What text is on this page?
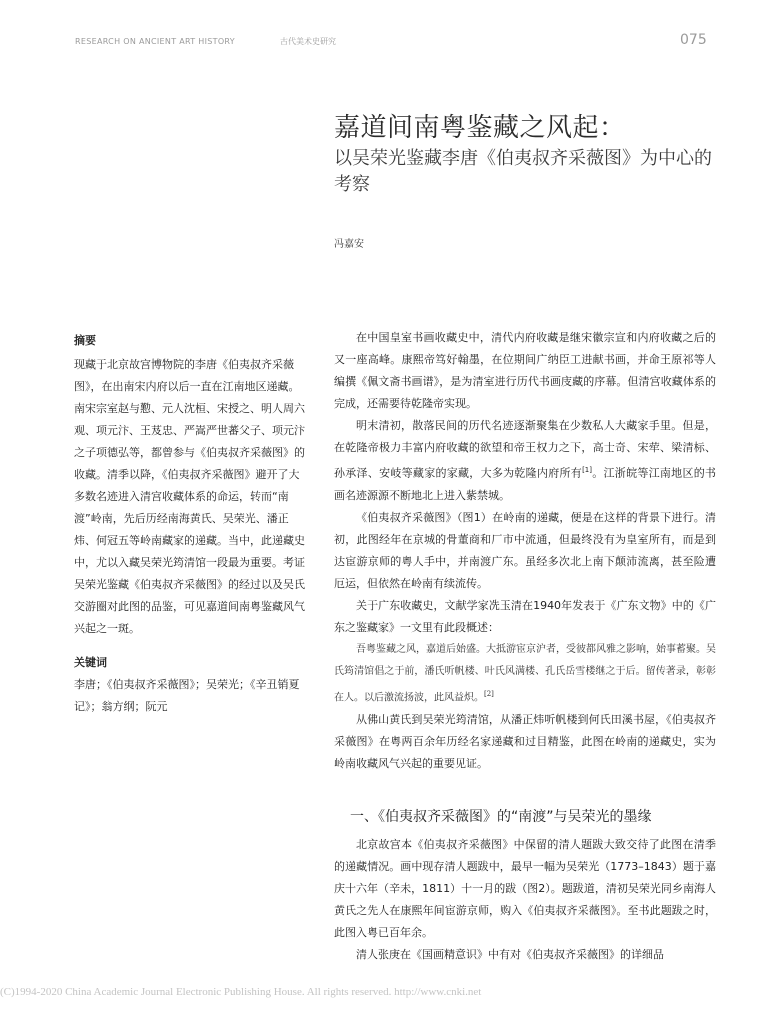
RESEARCH ON ANCIENT ART HISTORY	古代美术史研究	075
嘉道间南粤鉴藏之风起：
以吴荣光鉴藏李唐《伯夷叔齐采薇图》为中心的考察
冯嘉安
摘要
现藏于北京故宫博物院的李唐《伯夷叔齐采薇图》，在出南宋内府以后一直在江南地区递藏。南宋宗室赵与懃、元人沈桓、宋授之、明人周六观、项元汴、王芨忠、严嵩严世蕃父子、项元汴之子项德弘等，都曾参与《伯夷叔齐采薇图》的收藏。清季以降，《伯夷叔齐采薇图》避开了大多数名迹进入清宫收藏体系的命运，转而“南渡”岭南，先后历经南海黄氏、吴荣光、潘正炜、何冠五等岭南藏家的递藏。当中，此递藏史中，尤以入藏吴荣光筠清馆一段最为重要。考证吴荣光鉴藏《伯夷叔齐采薇图》的经过以及吴氏交游圈对此图的品鉴，可见嘉道间南粤鉴藏风气兴起之一斑。
关键词
李唐；《伯夷叔齐采薇图》；吴荣光；《辛丑销夏记》；翁方纲；阮元

在中国皇室书画收藏史中，清代内府收藏是继宋徽宗宣和内府收藏之后的又一座高峰。康熙帝笃好翰墨，在位期间广纳臣工进献书画，并命王原祁等人编撰《佩文斋书画谱》，是为清室进行历代书画庋藏的序幕。但清宫收藏体系的完成，还需要待乾隆帝实现。

明末清初，散落民间的历代名迹逐渐聚集在少数私人大藏家手里。但是，在乾隆帝极力丰富内府收藏的欲望和帝王权力之下，高士奇、宋荦、梁清标、孙承泽、安岐等藏家的家藏，大多为乾隆内府所有[1]。江浙皖等江南地区的书画名迹源源不断地北上进入紫禁城。

《伯夷叔齐采薇图》（图1）在岭南的递藏，便是在这样的背景下进行。清初，此图经年在京城的骨董商和厂市中流通，但最终没有为皇室所有，而是到达宦游京师的粤人手中，并南渡广东。虽经多次北上南下颠沛流离，甚至险遭厄运，但依然在岭南有续流传。

关于广东收藏史，文献学家冼玉清在1940年发表于《广东文物》中的《广东之鉴藏家》一文里有此段概述：

吾粤鉴藏之风，嘉道后始盛。大抵游宦京沪者，受彼都风雅之影响，始事蓄聚。吴氏筠清馆倡之于前，潘氏听帆楼、叶氏风满楼、孔氏岳雪楼继之于后。留传著录，彰彰在人。以后激流扬波，此风益炽。[2]

从佛山黄氏到吴荣光筠清馆，从潘正炜听帆楼到何氏田溪书屋，《伯夷叔齐采薇图》在粤两百余年历经名家递藏和过目精鉴，此图在岭南的递藏史，实为岭南收藏风气兴起的重要见证。

一、《伯夷叔齐采薇图》的“南渡”与吴荣光的墨缘

北京故宫本《伯夷叔齐采薇图》中保留的清人题跋大致交待了此图在清季的递藏情况。画中现存清人题跋中，最早一幅为吴荣光（1773–1843）题于嘉庆十六年（辛未，1811）十一月的跋（图2）。题跋道，清初吴荣光同乡南海人黄氏之先人在康熙年间宦游京师，购入《伯夷叔齐采薇图》。至书此题跋之时，此图入粤已百年余。

清人张庚在《国画精意识》中有对《伯夷叔齐采薇图》的详细品

(C)1994-2020 China Academic Journal Electronic Publishing House. All rights reserved. http://www.cnki.net
